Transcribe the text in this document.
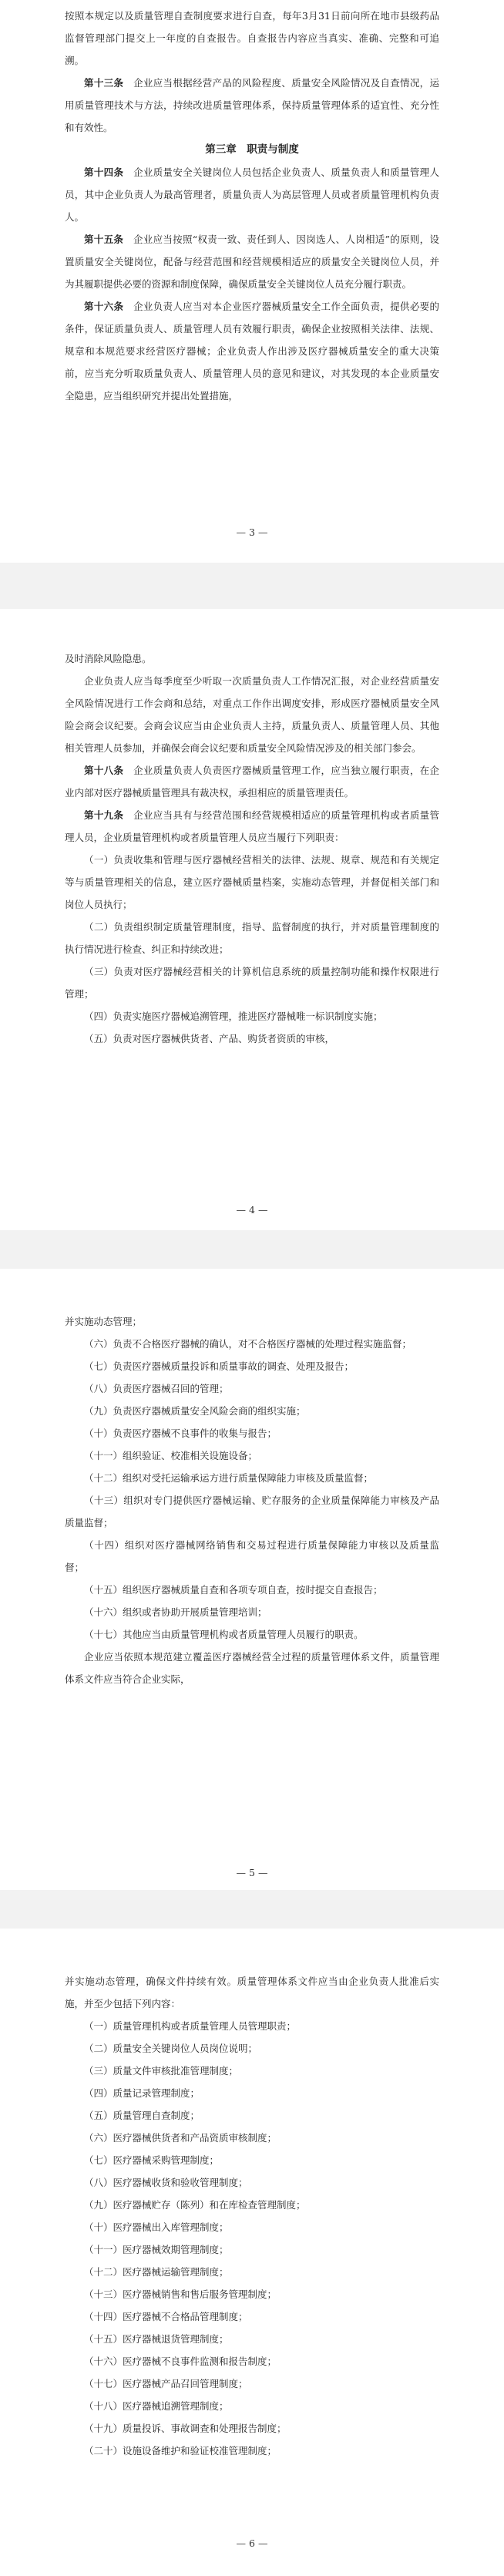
按照本规定以及质量管理自查制度要求进行自查，每年3月31日前向所在地市县级药品监督管理部门提交上一年度的自查报告。自查报告内容应当真实、准确、完整和可追溯。

第十三条　 企业应当根据经营产品的风险程度、质量安全风险情况及自查情况，运用质量管理技术与方法，持续改进质量管理体系，保持质量管理体系的适宜性、充分性和有效性。

第三章　职责与制度

第十四条　 企业质量安全关键岗位人员包括企业负责人、质量负责人和质量管理人员，其中企业负责人为最高管理者，质量负责人为高层管理人员或者质量管理机构负责人。

第十五条　 企业应当按照“权责一致、责任到人、因岗选人、人岗相适”的原则，设置质量安全关键岗位，配备与经营范围和经营规模相适应的质量安全关键岗位人员，并为其履职提供必要的资源和制度保障，确保质量安全关键岗位人员充分履行职责。

第十六条　 企业负责人应当对本企业医疗器械质量安全工作全面负责，提供必要的条件，保证质量负责人、质量管理人员有效履行职责，确保企业按照相关法律、法规、规章和本规范要求经营医疗器械；企业负责人作出涉及医疗器械质量安全的重大决策前，应当充分听取质量负责人、质量管理人员的意见和建议，对其发现的本企业质量安全隐患，应当组织研究并提出处置措施，

— 3 —

及时消除风险隐患。

企业负责人应当每季度至少听取一次质量负责人工作情况汇报，对企业经营质量安全风险情况进行工作会商和总结，对重点工作作出调度安排，形成医疗器械质量安全风险会商会议纪要。会商会议应当由企业负责人主持，质量负责人、质量管理人员、其他相关管理人员参加，并确保会商会议纪要和质量安全风险情况涉及的相关部门参会。

第十八条　 企业质量负责人负责医疗器械质量管理工作，应当独立履行职责，在企业内部对医疗器械质量管理具有裁决权，承担相应的质量管理责任。

第十九条　 企业应当具有与经营范围和经营规模相适应的质量管理机构或者质量管理人员，企业质量管理机构或者质量管理人员应当履行下列职责：

（一）负责收集和管理与医疗器械经营相关的法律、法规、规章、规范和有关规定等与质量管理相关的信息，建立医疗器械质量档案，实施动态管理，并督促相关部门和岗位人员执行；

（二）负责组织制定质量管理制度，指导、监督制度的执行，并对质量管理制度的执行情况进行检查、纠正和持续改进；

（三）负责对医疗器械经营相关的计算机信息系统的质量控制功能和操作权限进行管理；

（四）负责实施医疗器械追溯管理，推进医疗器械唯一标识制度实施；

（五）负责对医疗器械供货者、产品、购货者资质的审核，

— 4 —

并实施动态管理；

（六）负责不合格医疗器械的确认，对不合格医疗器械的处理过程实施监督；

（七）负责医疗器械质量投诉和质量事故的调查、处理及报告；

（八）负责医疗器械召回的管理；

（九）负责医疗器械质量安全风险会商的组织实施；

（十）负责医疗器械不良事件的收集与报告；

（十一）组织验证、校准相关设施设备；

（十二）组织对受托运输承运方进行质量保障能力审核及质量监督；

（十三）组织对专门提供医疗器械运输、贮存服务的企业质量保障能力审核及产品质量监督；

（十四）组织对医疗器械网络销售和交易过程进行质量保障能力审核以及质量监督；

（十五）组织医疗器械质量自查和各项专项自查，按时提交自查报告；

（十六）组织或者协助开展质量管理培训；

（十七）其他应当由质量管理机构或者质量管理人员履行的职责。

企业应当依照本规范建立覆盖医疗器械经营全过程的质量管理体系文件，质量管理体系文件应当符合企业实际，

— 5 —

并实施动态管理，确保文件持续有效。质量管理体系文件应当由企业负责人批准后实施，并至少包括下列内容：

（一）质量管理机构或者质量管理人员管理职责；

（二）质量安全关键岗位人员岗位说明；

（三）质量文件审核批准管理制度；

（四）质量记录管理制度；

（五）质量管理自查制度；

（六）医疗器械供货者和产品资质审核制度；

（七）医疗器械采购管理制度；

（八）医疗器械收货和验收管理制度；

（九）医疗器械贮存（陈列）和在库检查管理制度；

（十）医疗器械出入库管理制度；

（十一）医疗器械效期管理制度；

（十二）医疗器械运输管理制度；

（十三）医疗器械销售和售后服务管理制度；

（十四）医疗器械不合格品管理制度；

（十五）医疗器械退货管理制度；

（十六）医疗器械不良事件监测和报告制度；

（十七）医疗器械产品召回管理制度；

（十八）医疗器械追溯管理制度；

（十九）质量投诉、事故调查和处理报告制度；

（二十）设施设备维护和验证校准管理制度；

— 6 —
